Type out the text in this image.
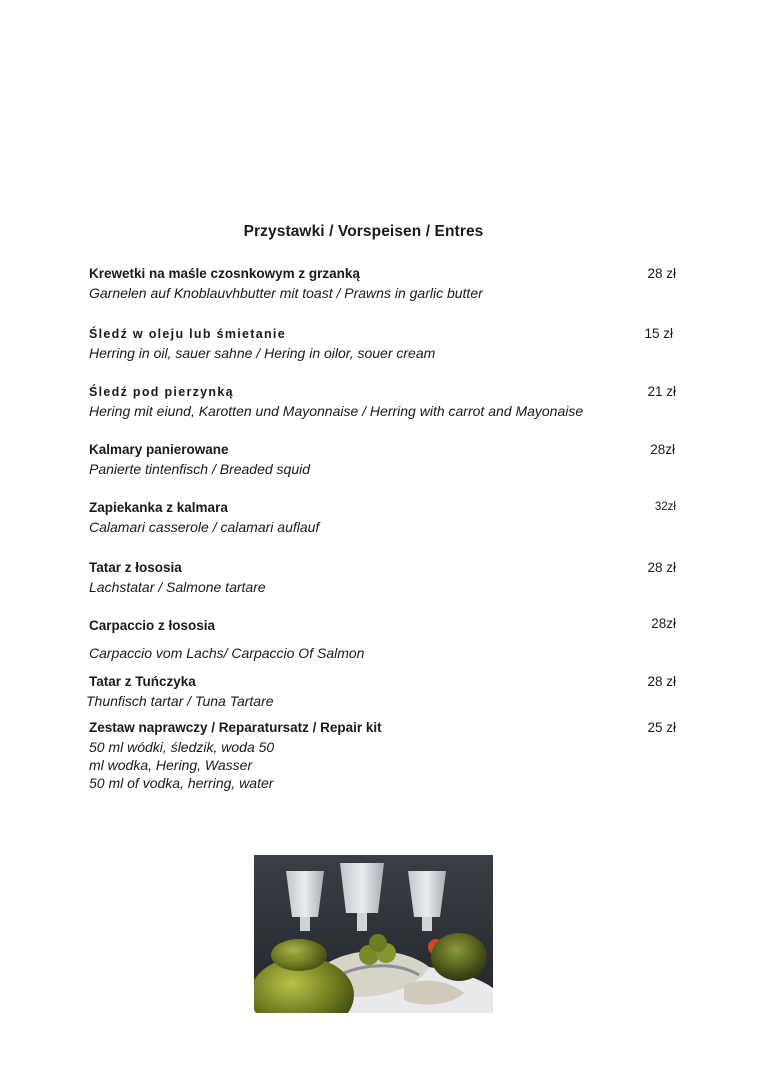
Przystawki / Vorspeisen / Entres
Krewetki na maśle czosnkowym z grzanką
Garnelen auf Knoblauvhbutter mit toast / Prawns in garlic butter
28 zł
Śledź w oleju lub śmietanie
Herring in oil, sauer sahne / Hering in oilor, souer cream
15 zł
Śledź pod pierzynką
Hering mit eiund, Karotten und Mayonnaise / Herring with carrot and Mayonaise
21 zł
Kalmary panierowane
Panierte tintenfisch / Breaded squid
28zł
Zapiekanka z kalmara
Calamari casserole / calamari auflauf
32zł
Tatar z łososia
Lachstatar / Salmone tartare
28 zł
Carpaccio z łososia
Carpaccio vom Lachs/ Carpaccio Of Salmon
28zł
Tatar z Tuńczyka
Thunfisch tartar / Tuna Tartare
28 zł
Zestaw naprawczy / Reparatursatz / Repair kit
50 ml wódki, śledzik, woda 50
ml wodka, Hering, Wasser
50 ml of vodka, herring, water
25 zł
